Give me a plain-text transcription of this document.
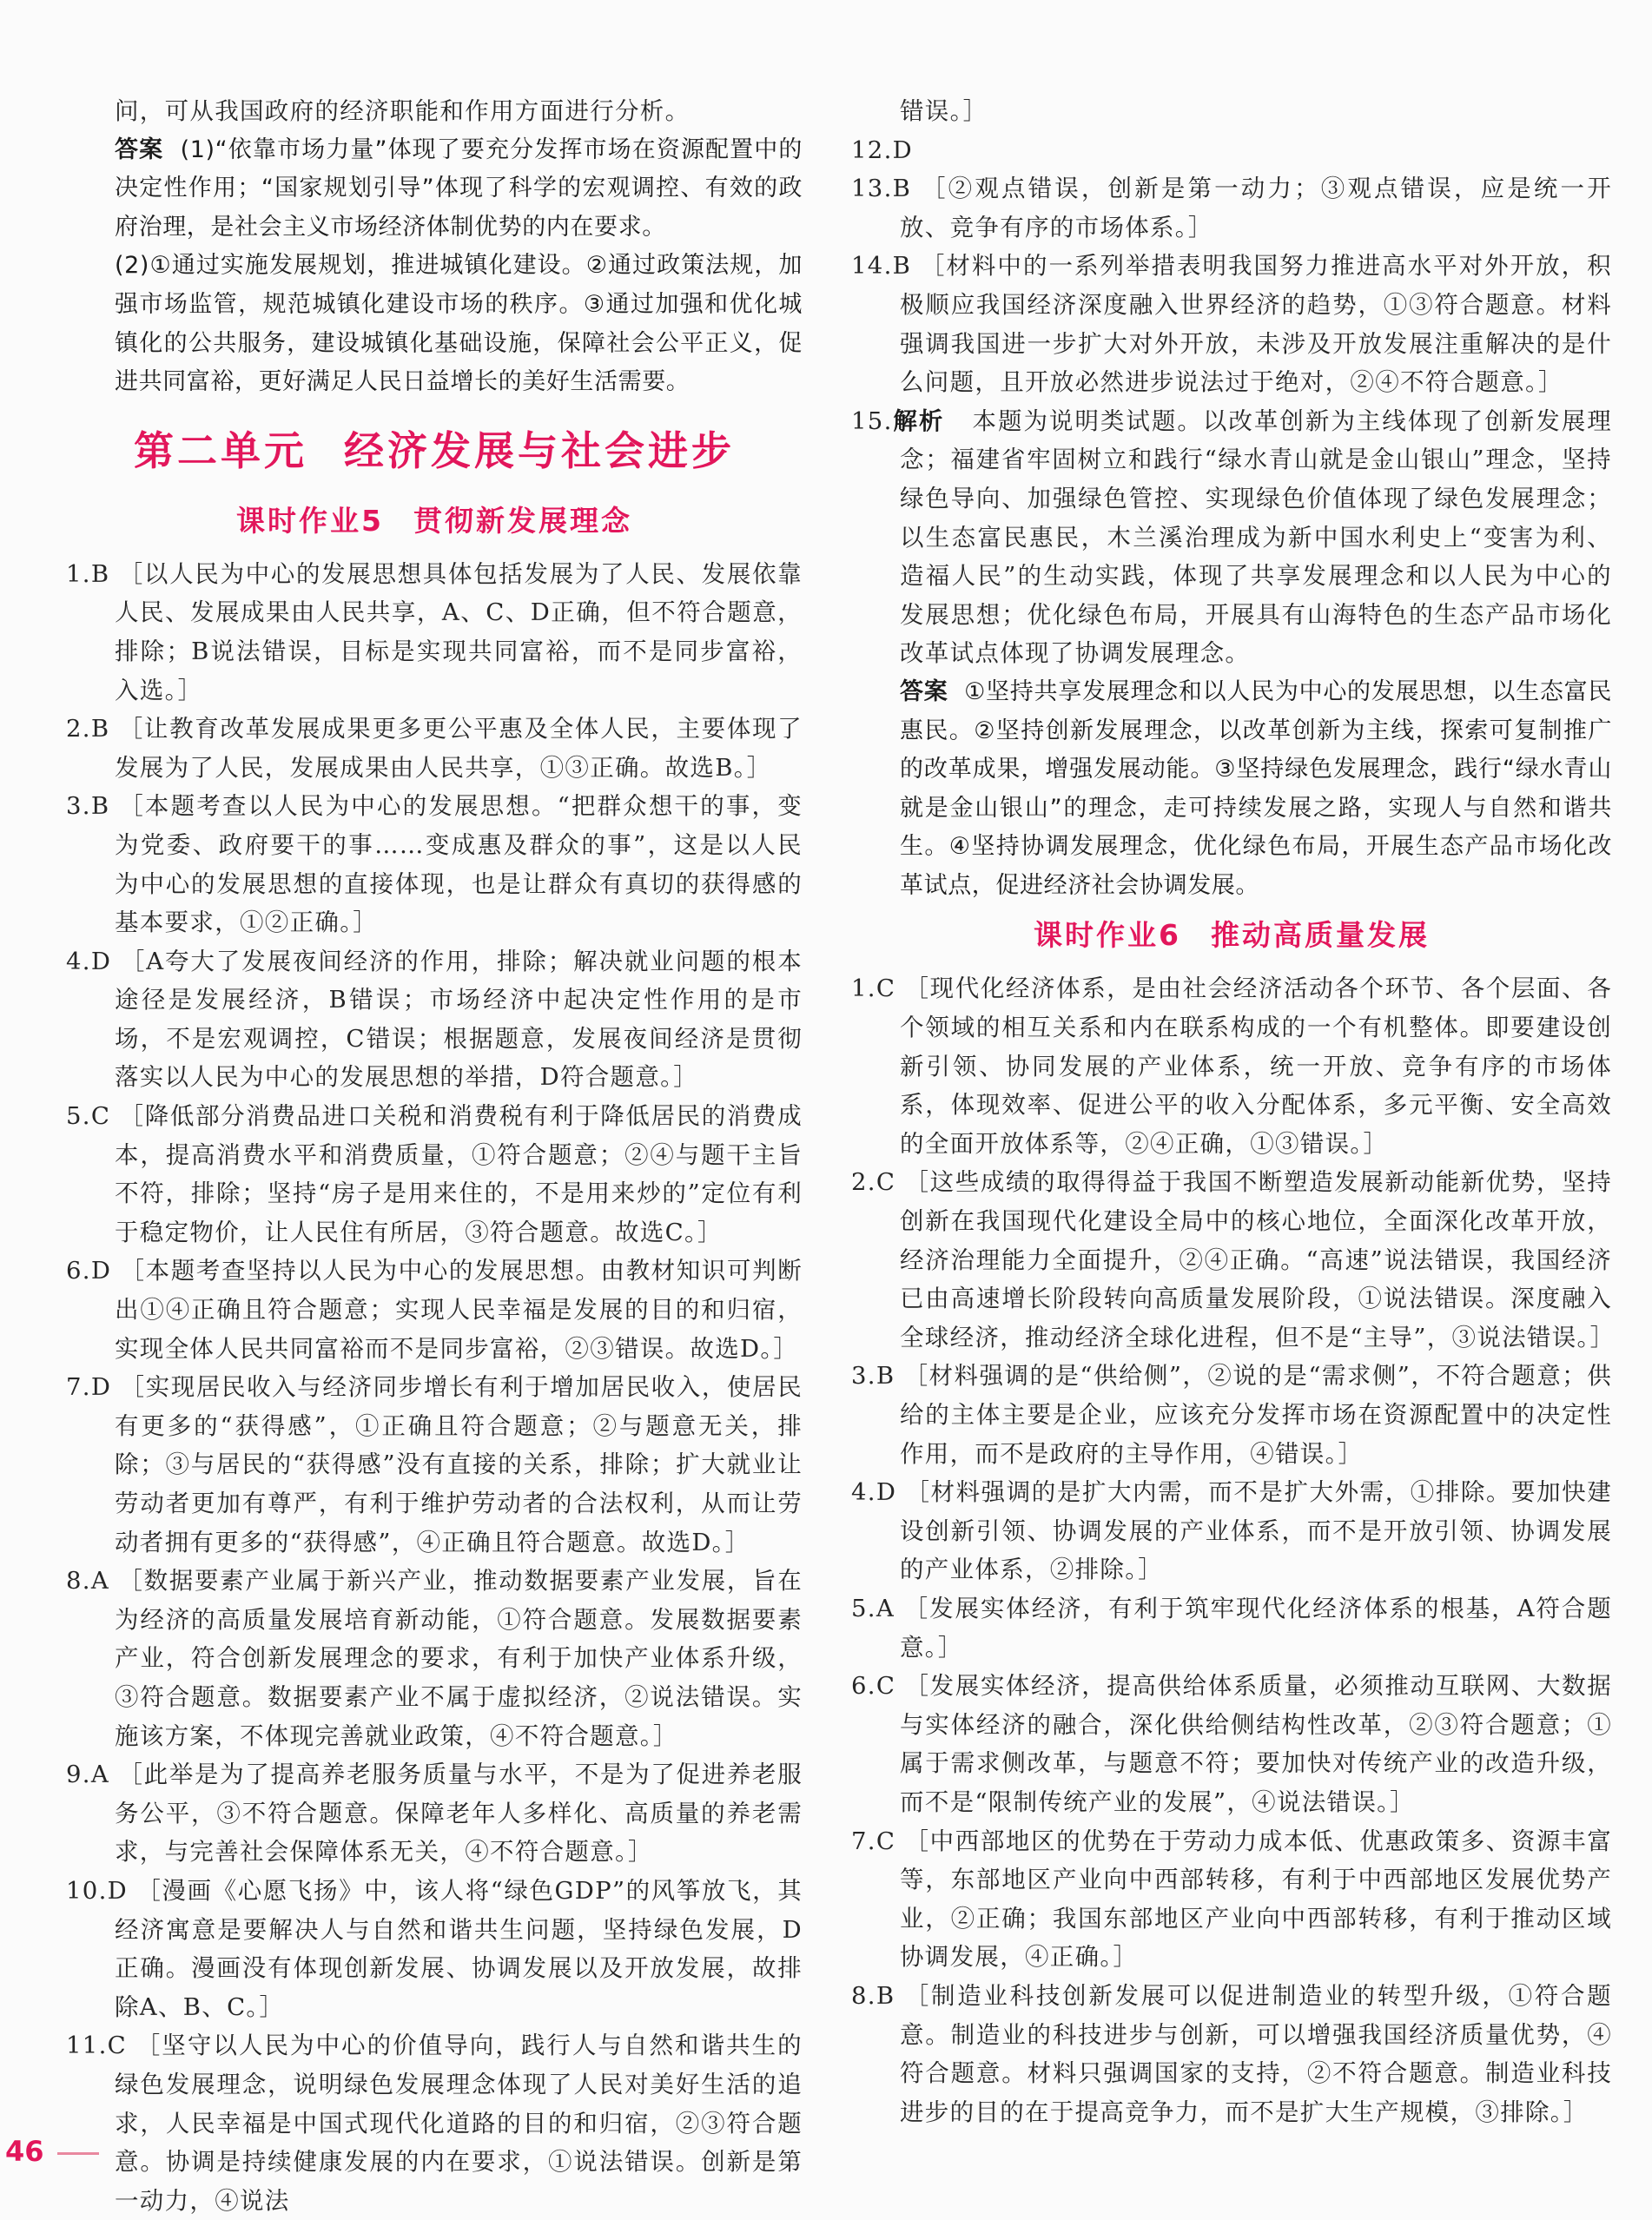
问，可从我国政府的经济职能和作用方面进行分析。

答案 (1)“依靠市场力量”体现了要充分发挥市场在资源配置中的决定性作用；“国家规划引导”体现了科学的宏观调控、有效的政府治理，是社会主义市场经济体制优势的内在要求。

(2)①通过实施发展规划，推进城镇化建设。②通过政策法规，加强市场监管，规范城镇化建设市场的秩序。③通过加强和优化城镇化的公共服务，建设城镇化基础设施，保障社会公平正义，促进共同富裕，更好满足人民日益增长的美好生活需要。

第二单元 经济发展与社会进步
课时作业5 贯彻新发展理念

1.B ［以人民为中心的发展思想具体包括发展为了人民、发展依靠人民、发展成果由人民共享，A、C、D正确，但不符合题意，排除；B说法错误，目标是实现共同富裕，而不是同步富裕，入选。］

2.B ［让教育改革发展成果更多更公平惠及全体人民，主要体现了发展为了人民，发展成果由人民共享，①③正确。故选B。］

3.B ［本题考查以人民为中心的发展思想。“把群众想干的事，变为党委、政府要干的事……变成惠及群众的事”，这是以人民为中心的发展思想的直接体现，也是让群众有真切的获得感的基本要求，①②正确。］

4.D ［A夸大了发展夜间经济的作用，排除；解决就业问题的根本途径是发展经济，B错误；市场经济中起决定性作用的是市场，不是宏观调控，C错误；根据题意，发展夜间经济是贯彻落实以人民为中心的发展思想的举措，D符合题意。］

5.C ［降低部分消费品进口关税和消费税有利于降低居民的消费成本，提高消费水平和消费质量，①符合题意；②④与题干主旨不符，排除；坚持“房子是用来住的，不是用来炒的”定位有利于稳定物价，让人民住有所居，③符合题意。故选C。］

6.D ［本题考查坚持以人民为中心的发展思想。由教材知识可判断出①④正确且符合题意；实现人民幸福是发展的目的和归宿，实现全体人民共同富裕而不是同步富裕，②③错误。故选D。］

7.D ［实现居民收入与经济同步增长有利于增加居民收入，使居民有更多的“获得感”，①正确且符合题意；②与题意无关，排除；③与居民的“获得感”没有直接的关系，排除；扩大就业让劳动者更加有尊严，有利于维护劳动者的合法权利，从而让劳动者拥有更多的“获得感”，④正确且符合题意。故选D。］

8.A ［数据要素产业属于新兴产业，推动数据要素产业发展，旨在为经济的高质量发展培育新动能，①符合题意。发展数据要素产业，符合创新发展理念的要求，有利于加快产业体系升级，③符合题意。数据要素产业不属于虚拟经济，②说法错误。实施该方案，不体现完善就业政策，④不符合题意。］

9.A ［此举是为了提高养老服务质量与水平，不是为了促进养老服务公平，③不符合题意。保障老年人多样化、高质量的养老需求，与完善社会保障体系无关，④不符合题意。］

10.D ［漫画《心愿飞扬》中，该人将“绿色GDP”的风筝放飞，其经济寓意是要解决人与自然和谐共生问题，坚持绿色发展，D正确。漫画没有体现创新发展、协调发展以及开放发展，故排除A、B、C。］

11.C ［坚守以人民为中心的价值导向，践行人与自然和谐共生的绿色发展理念，说明绿色发展理念体现了人民对美好生活的追求，人民幸福是中国式现代化道路的目的和归宿，②③符合题意。协调是持续健康发展的内在要求，①说法错误。创新是第一动力，④说法

错误。］

12.D

13.B ［②观点错误，创新是第一动力；③观点错误，应是统一开放、竞争有序的市场体系。］

14.B ［材料中的一系列举措表明我国努力推进高水平对外开放，积极顺应我国经济深度融入世界经济的趋势，①③符合题意。材料强调我国进一步扩大对外开放，未涉及开放发展注重解决的是什么问题，且开放必然进步说法过于绝对，②④不符合题意。］

15.解析 本题为说明类试题。以改革创新为主线体现了创新发展理念；福建省牢固树立和践行“绿水青山就是金山银山”理念，坚持绿色导向、加强绿色管控、实现绿色价值体现了绿色发展理念；以生态富民惠民，木兰溪治理成为新中国水利史上“变害为利、造福人民”的生动实践，体现了共享发展理念和以人民为中心的发展思想；优化绿色布局，开展具有山海特色的生态产品市场化改革试点体现了协调发展理念。

答案 ①坚持共享发展理念和以人民为中心的发展思想，以生态富民惠民。②坚持创新发展理念，以改革创新为主线，探索可复制推广的改革成果，增强发展动能。③坚持绿色发展理念，践行“绿水青山就是金山银山”的理念，走可持续发展之路，实现人与自然和谐共生。④坚持协调发展理念，优化绿色布局，开展生态产品市场化改革试点，促进经济社会协调发展。

课时作业6 推动高质量发展

1.C ［现代化经济体系，是由社会经济活动各个环节、各个层面、各个领域的相互关系和内在联系构成的一个有机整体。即要建设创新引领、协同发展的产业体系，统一开放、竞争有序的市场体系，体现效率、促进公平的收入分配体系，多元平衡、安全高效的全面开放体系等，②④正确，①③错误。］

2.C ［这些成绩的取得得益于我国不断塑造发展新动能新优势，坚持创新在我国现代化建设全局中的核心地位，全面深化改革开放，经济治理能力全面提升，②④正确。“高速”说法错误，我国经济已由高速增长阶段转向高质量发展阶段，①说法错误。深度融入全球经济，推动经济全球化进程，但不是“主导”，③说法错误。］

3.B ［材料强调的是“供给侧”，②说的是“需求侧”，不符合题意；供给的主体主要是企业，应该充分发挥市场在资源配置中的决定性作用，而不是政府的主导作用，④错误。］

4.D ［材料强调的是扩大内需，而不是扩大外需，①排除。要加快建设创新引领、协调发展的产业体系，而不是开放引领、协调发展的产业体系，②排除。］

5.A ［发展实体经济，有利于筑牢现代化经济体系的根基，A符合题意。］

6.C ［发展实体经济，提高供给体系质量，必须推动互联网、大数据与实体经济的融合，深化供给侧结构性改革，②③符合题意；①属于需求侧改革，与题意不符；要加快对传统产业的改造升级，而不是“限制传统产业的发展”，④说法错误。］

7.C ［中西部地区的优势在于劳动力成本低、优惠政策多、资源丰富等，东部地区产业向中西部转移，有利于中西部地区发展优势产业，②正确；我国东部地区产业向中西部转移，有利于推动区域协调发展，④正确。］

8.B ［制造业科技创新发展可以促进制造业的转型升级，①符合题意。制造业的科技进步与创新，可以增强我国经济质量优势，④符合题意。材料只强调国家的支持，②不符合题意。制造业科技进步的目的在于提高竞争力，而不是扩大生产规模，③排除。］

46
